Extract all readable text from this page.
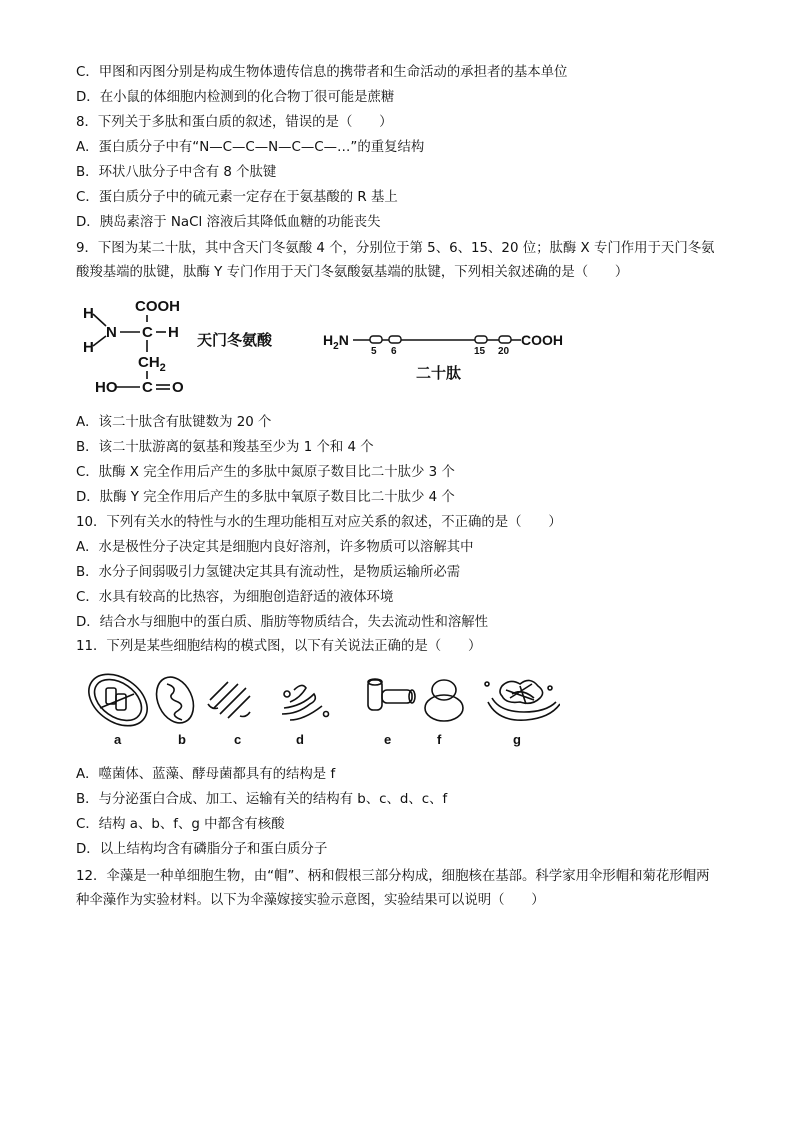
C．甲图和丙图分别是构成生物体遗传信息的携带者和生命活动的承担者的基本单位
D．在小鼠的体细胞内检测到的化合物丁很可能是蔗糖
8．下列关于多肽和蛋白质的叙述，错误的是（　　）
A．蛋白质分子中有“N—C—C—N—C—C—…”的重复结构
B．环状八肽分子中含有 8 个肽键
C．蛋白质分子中的硫元素一定存在于氨基酸的 R 基上
D．胰岛素溶于 NaCl 溶液后其降低血糖的功能丧失
9．下图为某二十肽，其中含天门冬氨酸 4 个，分别位于第 5、6、15、20 位；肽酶 X 专门作用于天门冬氨
酸羧基端的肽键，肽酶 Y 专门作用于天门冬氨酸氨基端的肽键，下列相关叙述确的是（　　）
A．该二十肽含有肽键数为 20 个
B．该二十肽游离的氨基和羧基至少为 1 个和 4 个
C．肽酶 X 完全作用后产生的多肽中氮原子数目比二十肽少 3 个
D．肽酶 Y 完全作用后产生的多肽中氧原子数目比二十肽少 4 个
10．下列有关水的特性与水的生理功能相互对应关系的叙述，不正确的是（　　）
A．水是极性分子决定其是细胞内良好溶剂，许多物质可以溶解其中
B．水分子间弱吸引力氢键决定其具有流动性，是物质运输所必需
C．水具有较高的比热容，为细胞创造舒适的液体环境
D．结合水与细胞中的蛋白质、脂肪等物质结合，失去流动性和溶解性
11．下列是某些细胞结构的模式图，以下有关说法正确的是（　　）
A．噬菌体、蓝藻、酵母菌都具有的结构是 f
B．与分泌蛋白合成、加工、运输有关的结构有 b、c、d、c、f
C．结构 a、b、f、g 中都含有核酸
D．以上结构均含有磷脂分子和蛋白质分子
12．伞藻是一种单细胞生物，由“帽”、柄和假根三部分构成，细胞核在基部。科学家用伞形帽和菊花形帽两
种伞藻作为实验材料。以下为伞藻嫁接实验示意图，实验结果可以说明（　　）
COOH
H
N C H
H
$CH_2$
HO C O
天门冬氨酸	$H_2N$	COOH
5 6	15 20
二十肽
a	b	c	d	e	f	g
